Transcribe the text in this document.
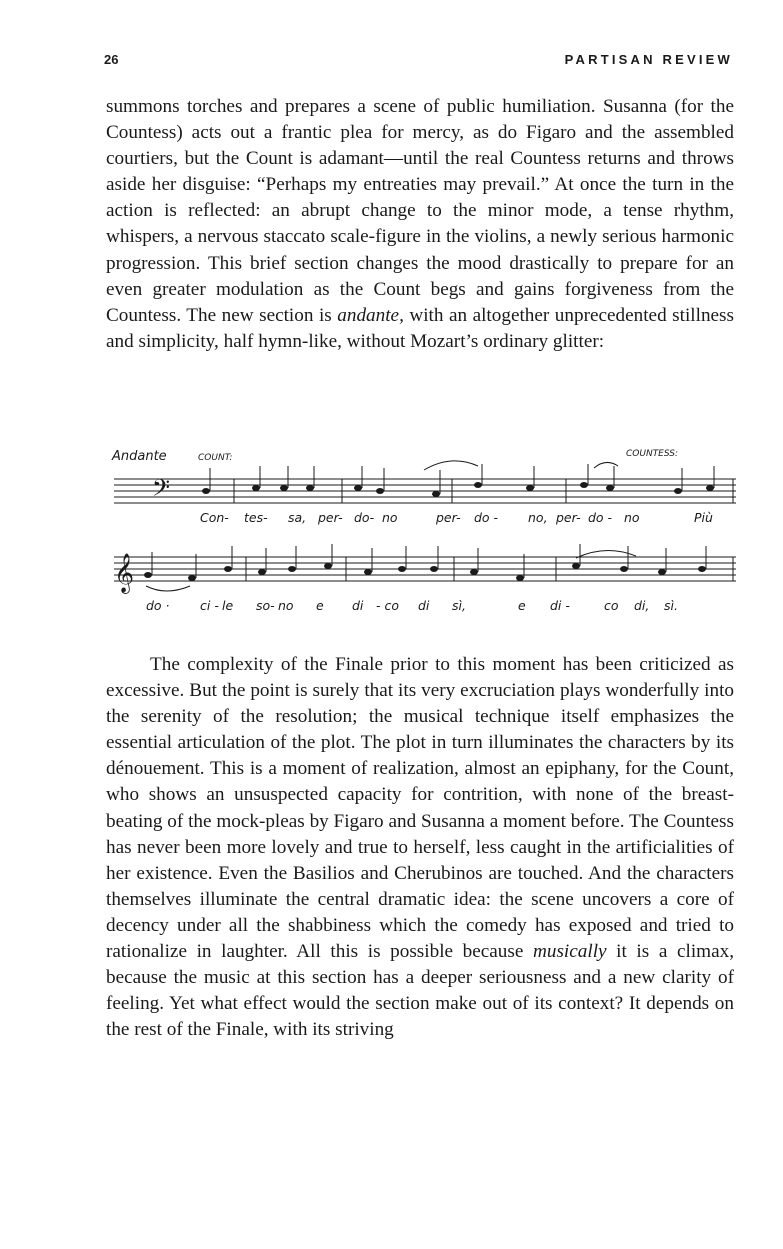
26	PARTISAN REVIEW

summons torches and prepares a scene of public humiliation. Susanna (for the Countess) acts out a frantic plea for mercy, as do Figaro and the assembled courtiers, but the Count is adamant—until the real Countess returns and throws aside her disguise: “Perhaps my entreaties may prevail.” At once the turn in the action is reflected: an abrupt change to the minor mode, a tense rhythm, whispers, a nervous staccato scale-figure in the violins, a newly serious harmonic progression. This brief section changes the mood drastically to prepare for an even greater modulation as the Count begs and gains forgiveness from the Countess. The new section is andante, with an altogether unprecedented stillness and simplicity, half hymn-like, without Mozart’s ordinary glitter:

𝄢
Andante	COUNT:	COUNTESS:
Con- tes- sa, per- do- no	per- do - no, per- do - no	Più
𝄞
do · ci - le so- no e di - co di sì,	e di -	co di, sì.

The complexity of the Finale prior to this moment has been criticized as excessive. But the point is surely that its very excruciation plays wonderfully into the serenity of the resolution; the musical technique itself emphasizes the essential articulation of the plot. The plot in turn illuminates the characters by its dénouement. This is a moment of realization, almost an epiphany, for the Count, who shows an unsuspected capacity for contrition, with none of the breast-beating of the mock-pleas by Figaro and Susanna a moment before. The Countess has never been more lovely and true to herself, less caught in the artificialities of her existence. Even the Basilios and Cherubinos are touched. And the characters themselves illuminate the central dramatic idea: the scene uncovers a core of decency under all the shabbiness which the comedy has exposed and tried to rationalize in laughter. All this is possible because musically it is a climax, because the music at this section has a deeper seriousness and a new clarity of feeling. Yet what effect would the section make out of its context? It depends on the rest of the Finale, with its striving
